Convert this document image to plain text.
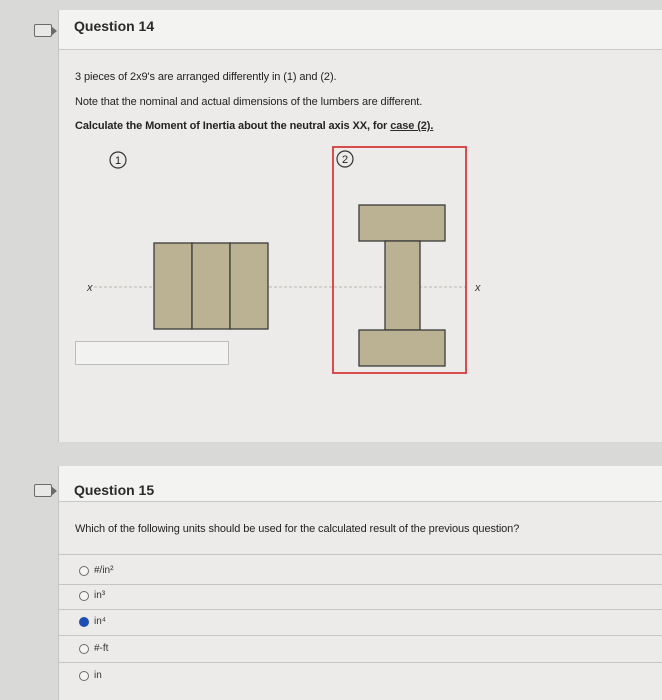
Question 14
3 pieces of 2x9's are arranged differently in (1) and (2).
Note that the nominal and actual dimensions of the lumbers are different.
Calculate the Moment of Inertia about the neutral axis XX, for case (2).
1
x	x
2
Question 15
Which of the following units should be used for the calculated result of the previous question?
#/in²
in³
in⁴
#-ft
in
